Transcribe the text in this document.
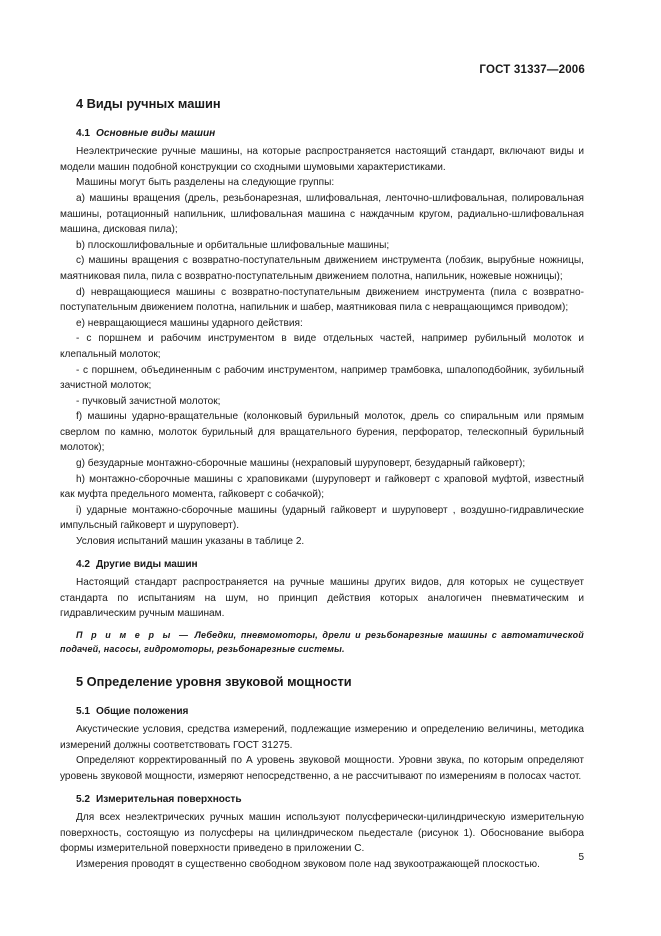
ГОСТ 31337—2006
4 Виды ручных машин
4.1 Основные виды машин

Неэлектрические ручные машины, на которые распространяется настоящий стандарт, включают виды и модели машин подобной конструкции со сходными шумовыми характеристиками.

Машины могут быть разделены на следующие группы:

a) машины вращения (дрель, резьбонарезная, шлифовальная, ленточно-шлифовальная, полировальная машины, ротационный напильник, шлифовальная машина с наждачным кругом, радиально-шлифовальная машина, дисковая пила);

b) плоскошлифовальные и орбитальные шлифовальные машины;

c) машины вращения с возвратно-поступательным движением инструмента (лобзик, вырубные ножницы, маятниковая пила, пила с возвратно-поступательным движением полотна, напильник, ножевые ножницы);

d) невращающиеся машины с возвратно-поступательным движением инструмента (пила с возвратно-поступательным движением полотна, напильник и шабер, маятниковая пила с невращающимся приводом);

e) невращающиеся машины ударного действия:

- с поршнем и рабочим инструментом в виде отдельных частей, например рубильный молоток и клепальный молоток;

- с поршнем, объединенным с рабочим инструментом, например трамбовка, шпалоподбойник, зубильный зачистной молоток;

- пучковый зачистной молоток;

f) машины ударно-вращательные (колонковый бурильный молоток, дрель со спиральным или прямым сверлом по камню, молоток бурильный для вращательного бурения, перфоратор, телескопный бурильный молоток);

g) безударные монтажно-сборочные машины (нехраповый шуруповерт, безударный гайковерт);

h) монтажно-сборочные машины с храповиками (шуруповерт и гайковерт с храповой муфтой, известный как муфта предельного момента, гайковерт с собачкой);

i) ударные монтажно-сборочные машины (ударный гайковерт и шуруповерт , воздушно-гидравлические импульсный гайковерт и шуруповерт).

Условия испытаний машин указаны в таблице 2.

4.2 Другие виды машин

Настоящий стандарт распространяется на ручные машины других видов, для которых не существует стандарта по испытаниям на шум, но принцип действия которых аналогичен пневматическим и гидравлическим ручным машинам.

П р и м е р ы — Лебедки, пневмомоторы, дрели и резьбонарезные машины с автоматической подачей, насосы, гидромоторы, резьбонарезные системы.

5 Определение уровня звуковой мощности
5.1 Общие положения

Акустические условия, средства измерений, подлежащие измерению и определению величины, методика измерений должны соответствовать ГОСТ 31275.

Определяют корректированный по А уровень звуковой мощности. Уровни звука, по которым определяют уровень звуковой мощности, измеряют непосредственно, а не рассчитывают по измерениям в полосах частот.

5.2 Измерительная поверхность

Для всех неэлектрических ручных машин используют полусферически-цилиндрическую измерительную поверхность, состоящую из полусферы на цилиндрическом пьедестале (рисунок 1). Обоснование выбора формы измерительной поверхности приведено в приложении С.

Измерения проводят в существенно свободном звуковом поле над звукоотражающей плоскостью.

5
